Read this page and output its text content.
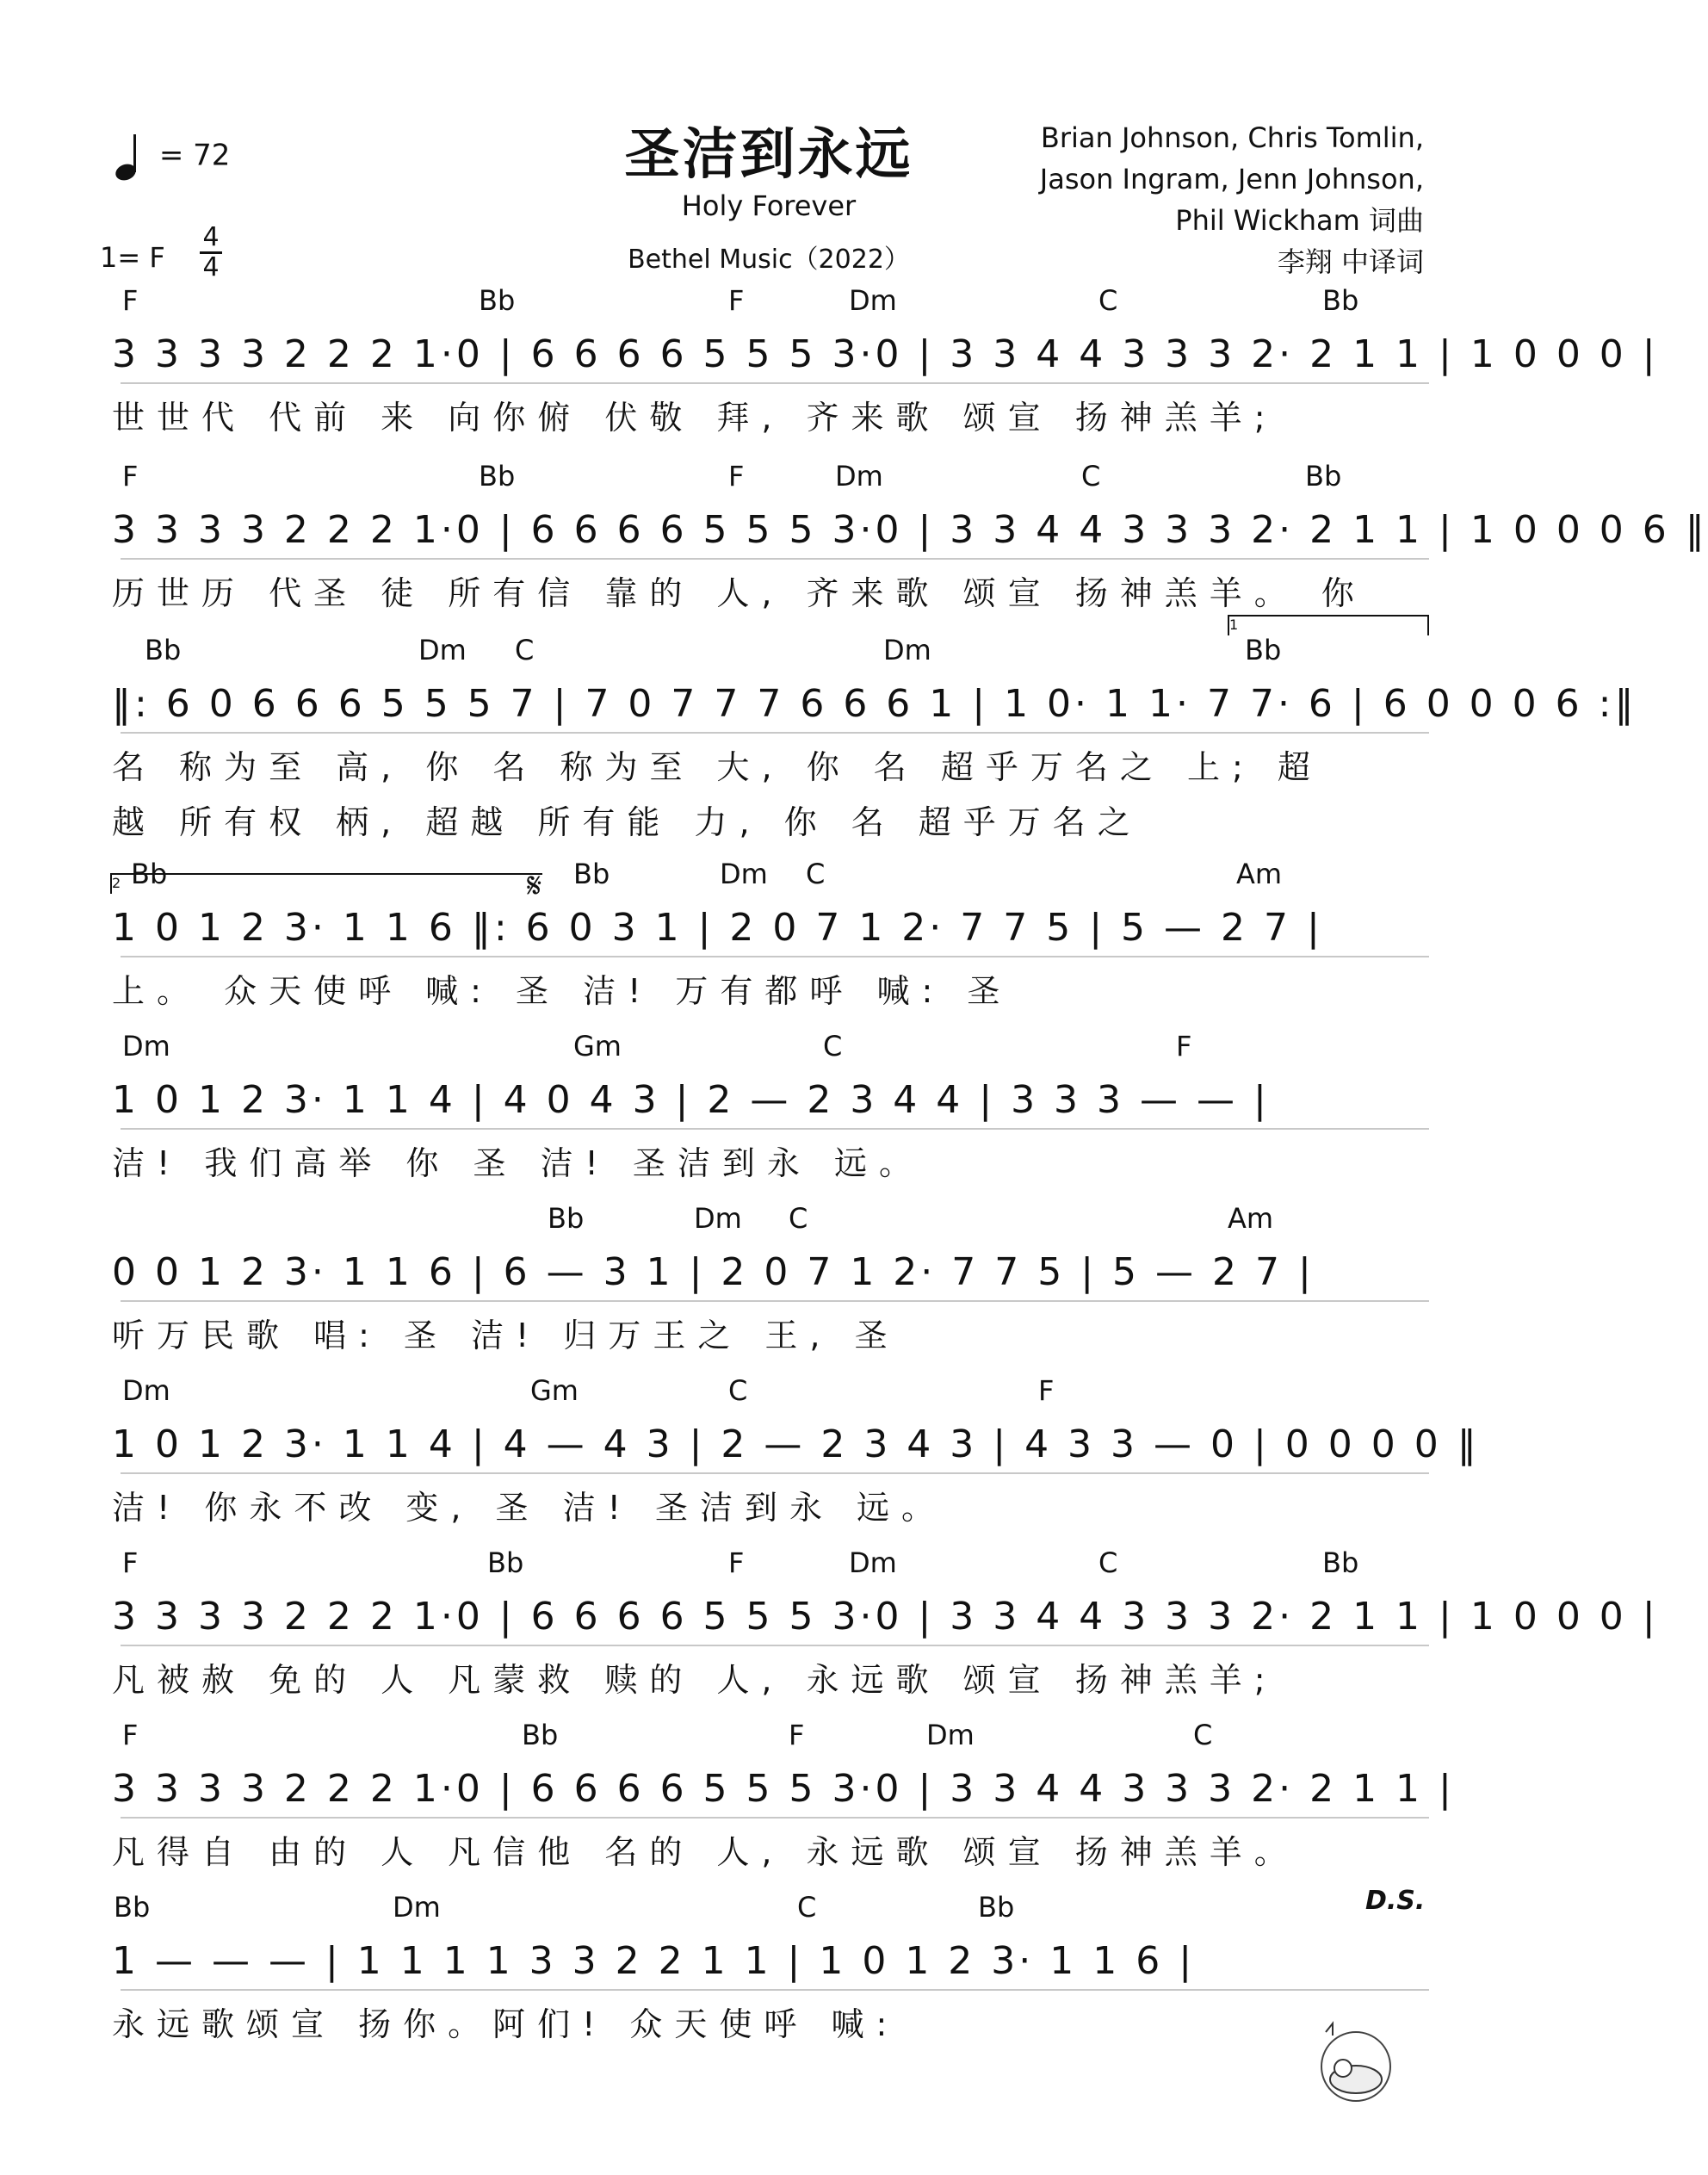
圣洁到永远
Holy Forever
Bethel Music（2022）
Brian Johnson, Chris Tomlin,
Jason Ingram, Jenn Johnson,
Phil Wickham 词曲
李翔 中译词
= 72
1= F
4
4
F	Bb	F	Dm	C	Bb
3 3 3 3 2 2 2 1·0 | 6 6 6 6 5 5 5 3·0 | 3 3 4 4 3 3 3 2· 2 1 1 | 1 0 0 0 |
世世代 代前 来 向你俯 伏敬 拜, 齐来歌 颂宣 扬神羔羊;
F	Bb	F	Dm	C	Bb
3 3 3 3 2 2 2 1·0 | 6 6 6 6 5 5 5 3·0 | 3 3 4 4 3 3 3 2· 2 1 1 | 1 0 0 0 6 ‖
历世历 代圣 徒 所有信 靠的 人, 齐来歌 颂宣 扬神羔羊。 你
Bb	Dm C	Dm	Bb
‖: 6 0 6 6 6 5 5 5 7 | 7 0 7 7 7 6 6 6 1 | 1 0· 1 1· 7 7· 6 | 6 0 0 0 6 :‖
名 称为至 高, 你 名 称为至 大, 你 名 超乎万名之 上; 超
越 所有权 柄, 超越 所有能 力, 你 名 超乎万名之
1
Bb	Bb	Dm C	Am
1 0 1 2 3· 1 1 6 ‖: 6 0 3 1 | 2 0 7 1 2· 7 7 5 | 5 — 2 7 |
上。 众天使呼 喊: 圣 洁! 万有都呼 喊: 圣
2	𝄋
Dm	Gm	C	F
1 0 1 2 3· 1 1 4 | 4 0 4 3 | 2 — 2 3 4 4 | 3 3 3 — — |
洁! 我们高举 你 圣 洁! 圣洁到永 远。
Bb	Dm C	Am
0 0 1 2 3· 1 1 6 | 6 — 3 1 | 2 0 7 1 2· 7 7 5 | 5 — 2 7 |
听万民歌 唱: 圣 洁! 归万王之 王, 圣
Dm	Gm	C	F
1 0 1 2 3· 1 1 4 | 4 — 4 3 | 2 — 2 3 4 3 | 4 3 3 — 0 | 0 0 0 0 ‖
洁! 你永不改 变, 圣 洁! 圣洁到永 远。
F	Bb	F	Dm	C	Bb
3 3 3 3 2 2 2 1·0 | 6 6 6 6 5 5 5 3·0 | 3 3 4 4 3 3 3 2· 2 1 1 | 1 0 0 0 |
凡被赦 免的 人 凡蒙救 赎的 人, 永远歌 颂宣 扬神羔羊;
F	Bb	F	Dm	C
3 3 3 3 2 2 2 1·0 | 6 6 6 6 5 5 5 3·0 | 3 3 4 4 3 3 3 2· 2 1 1 |
凡得自 由的 人 凡信他 名的 人, 永远歌 颂宣 扬神羔羊。
Bb	Dm	C	Bb
1 — — — | 1 1 1 1 3 3 2 2 1 1 | 1 0 1 2 3· 1 1 6 |
永远歌颂宣 扬你。阿们! 众天使呼 喊:
D.S.
